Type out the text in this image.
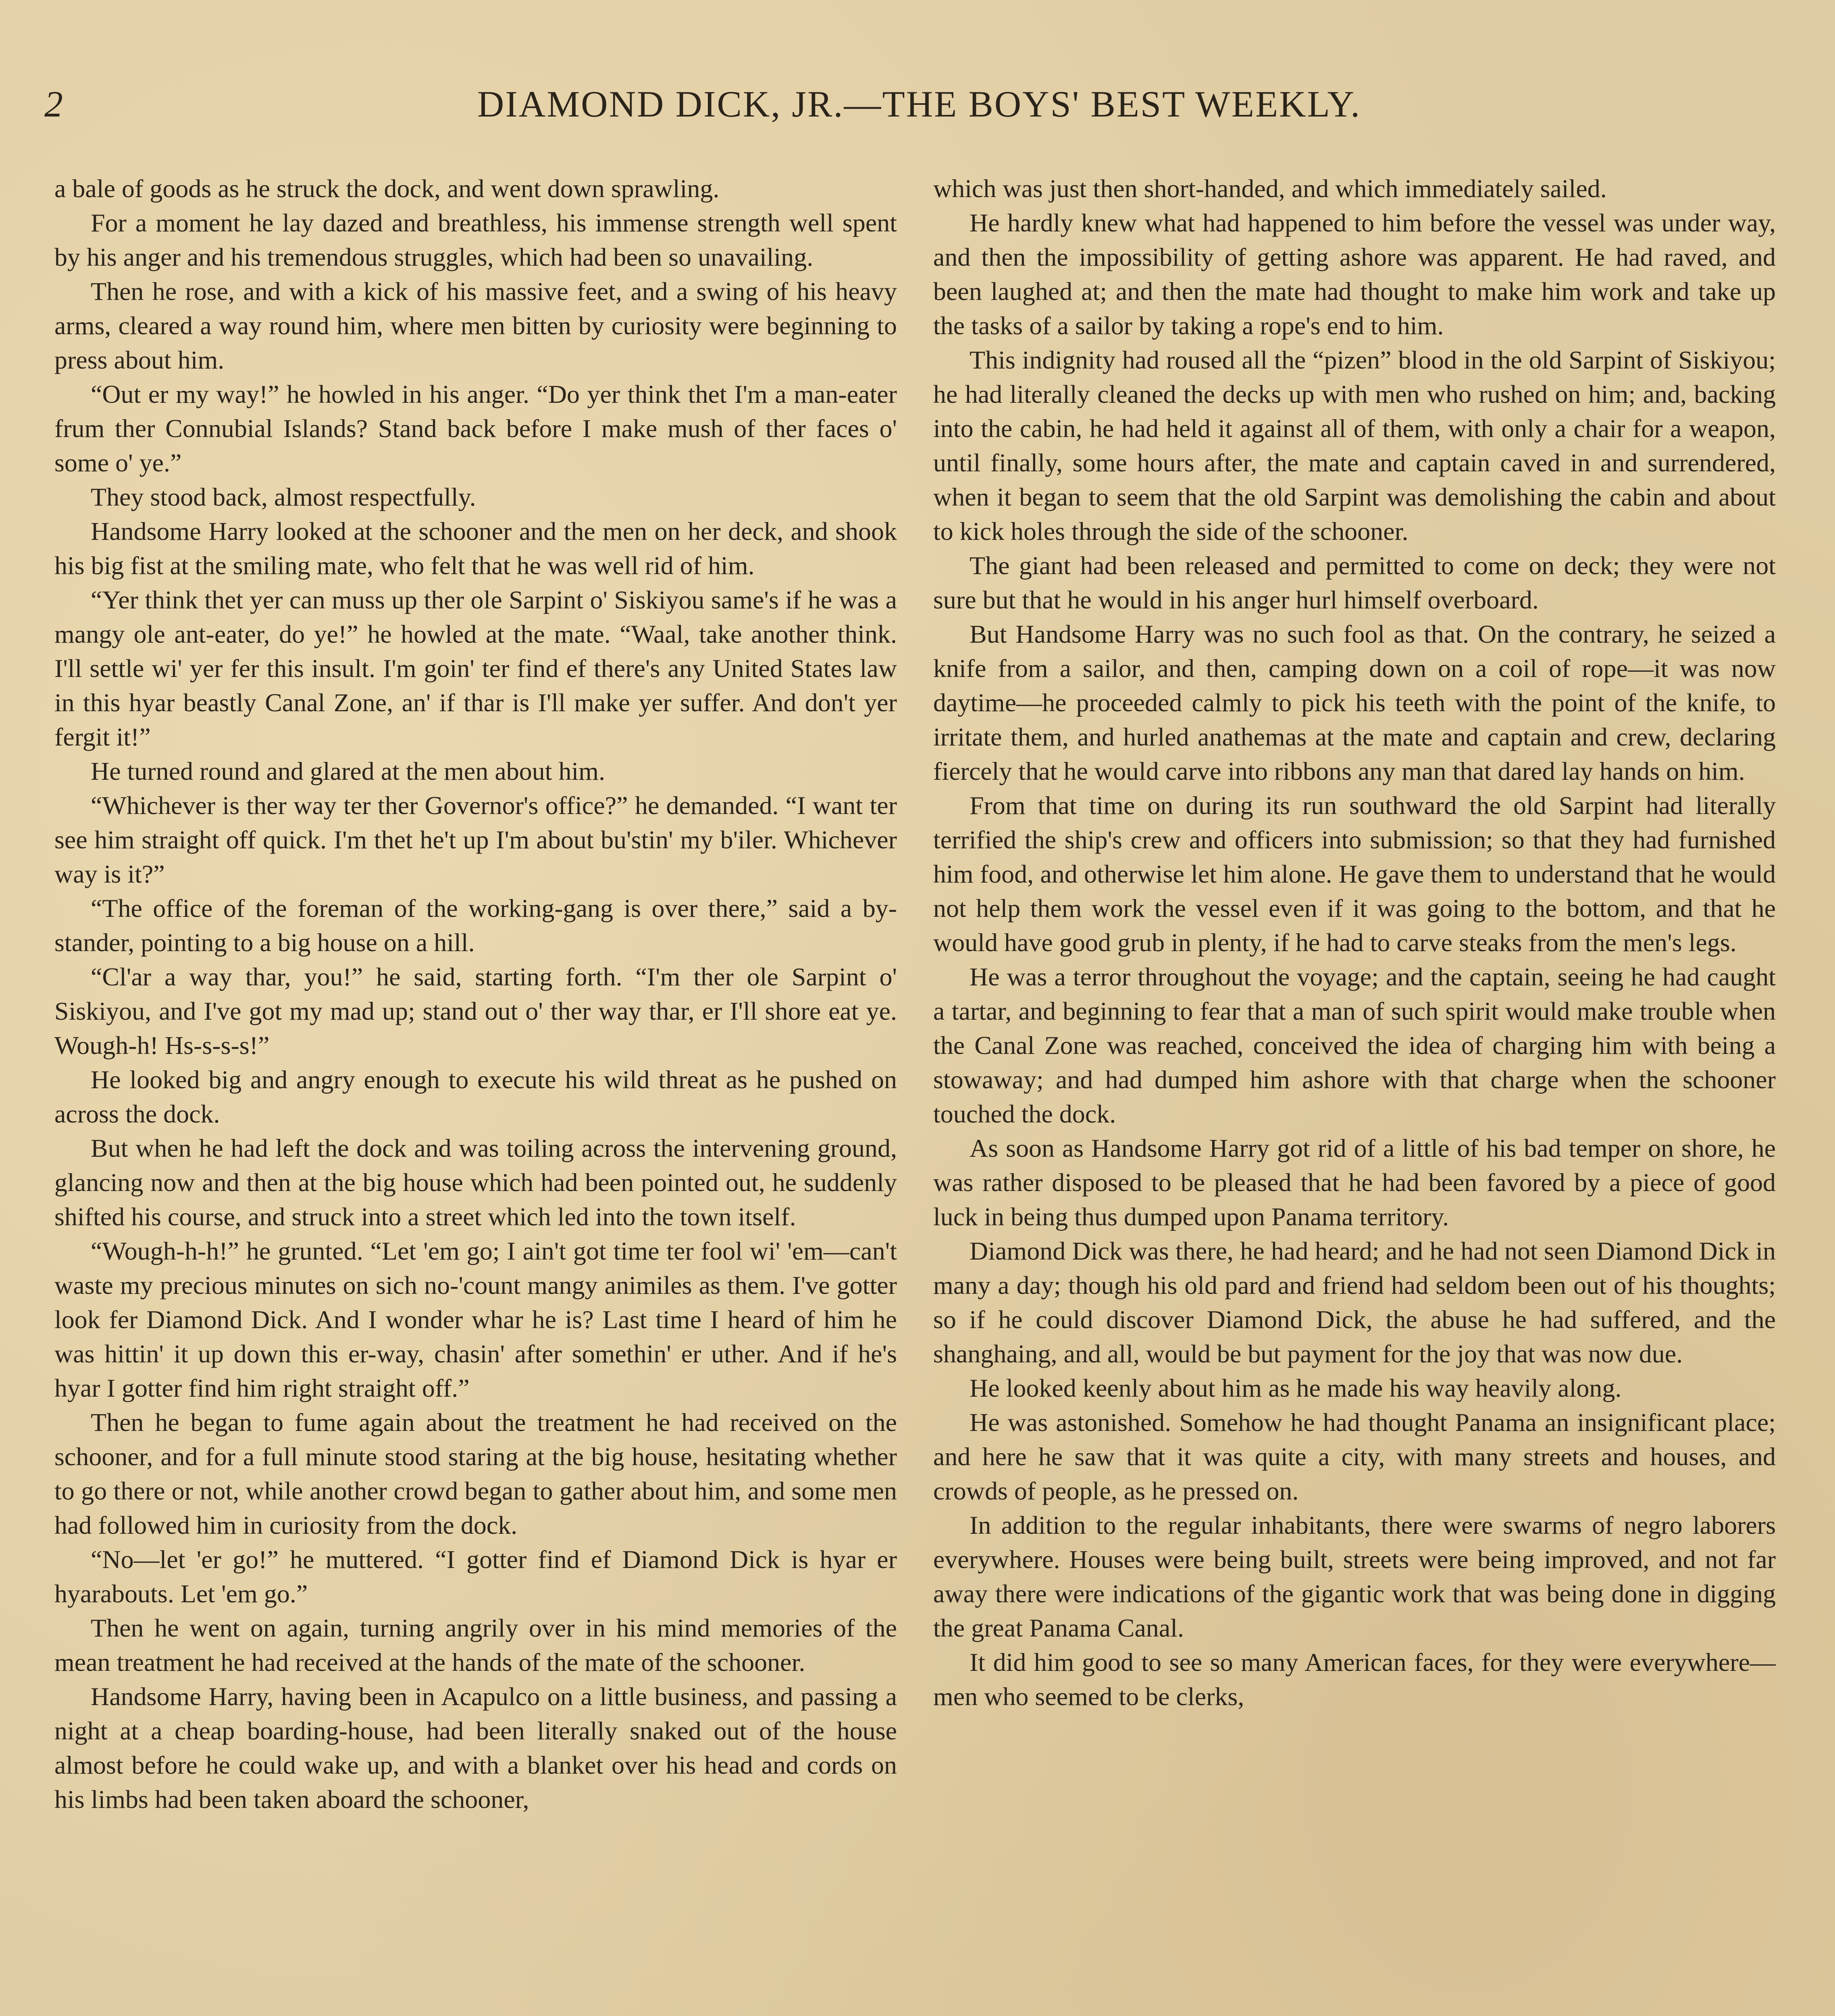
2	DIAMOND DICK, JR.—THE BOYS' BEST WEEKLY.

a bale of goods as he struck the dock, and went down sprawling.

For a moment he lay dazed and breathless, his immense strength well spent by his anger and his tremendous struggles, which had been so unavailing.

Then he rose, and with a kick of his massive feet, and a swing of his heavy arms, cleared a way round him, where men bitten by curiosity were beginning to press about him.

“Out er my way!” he howled in his anger. “Do yer think thet I'm a man-eater frum ther Connubial Islands? Stand back before I make mush of ther faces o' some o' ye.”

They stood back, almost respectfully.

Handsome Harry looked at the schooner and the men on her deck, and shook his big fist at the smiling mate, who felt that he was well rid of him.

“Yer think thet yer can muss up ther ole Sarpint o' Siskiyou same's if he was a mangy ole ant-eater, do ye!” he howled at the mate. “Waal, take another think. I'll settle wi' yer fer this insult. I'm goin' ter find ef there's any United States law in this hyar beastly Canal Zone, an' if thar is I'll make yer suffer. And don't yer fergit it!”

He turned round and glared at the men about him.

“Whichever is ther way ter ther Governor's office?” he demanded. “I want ter see him straight off quick. I'm thet he't up I'm about bu'stin' my b'iler. Whichever way is it?”

“The office of the foreman of the working-gang is over there,” said a by-stander, pointing to a big house on a hill.

“Cl'ar a way thar, you!” he said, starting forth. “I'm ther ole Sarpint o' Siskiyou, and I've got my mad up; stand out o' ther way thar, er I'll shore eat ye. Wough-h! Hs-s-s-s!”

He looked big and angry enough to execute his wild threat as he pushed on across the dock.

But when he had left the dock and was toiling across the intervening ground, glancing now and then at the big house which had been pointed out, he suddenly shifted his course, and struck into a street which led into the town itself.

“Wough-h-h!” he grunted. “Let 'em go; I ain't got time ter fool wi' 'em—can't waste my precious minutes on sich no-'count mangy animiles as them. I've gotter look fer Diamond Dick. And I wonder whar he is? Last time I heard of him he was hittin' it up down this er-way, chasin' after somethin' er uther. And if he's hyar I gotter find him right straight off.”

Then he began to fume again about the treatment he had received on the schooner, and for a full minute stood staring at the big house, hesitating whether to go there or not, while another crowd began to gather about him, and some men had followed him in curiosity from the dock.

“No—let 'er go!” he muttered. “I gotter find ef Diamond Dick is hyar er hyarabouts. Let 'em go.”

Then he went on again, turning angrily over in his mind memories of the mean treatment he had received at the hands of the mate of the schooner.

Handsome Harry, having been in Acapulco on a little business, and passing a night at a cheap boarding-house, had been literally snaked out of the house almost before he could wake up, and with a blanket over his head and cords on his limbs had been taken aboard the schooner,

which was just then short-handed, and which immediately sailed.

He hardly knew what had happened to him before the vessel was under way, and then the impossibility of getting ashore was apparent. He had raved, and been laughed at; and then the mate had thought to make him work and take up the tasks of a sailor by taking a rope's end to him.

This indignity had roused all the “pizen” blood in the old Sarpint of Siskiyou; he had literally cleaned the decks up with men who rushed on him; and, backing into the cabin, he had held it against all of them, with only a chair for a weapon, until finally, some hours after, the mate and captain caved in and surrendered, when it began to seem that the old Sarpint was demolishing the cabin and about to kick holes through the side of the schooner.

The giant had been released and permitted to come on deck; they were not sure but that he would in his anger hurl himself overboard.

But Handsome Harry was no such fool as that. On the contrary, he seized a knife from a sailor, and then, camping down on a coil of rope—it was now daytime—he proceeded calmly to pick his teeth with the point of the knife, to irritate them, and hurled anathemas at the mate and captain and crew, declaring fiercely that he would carve into ribbons any man that dared lay hands on him.

From that time on during its run southward the old Sarpint had literally terrified the ship's crew and officers into submission; so that they had furnished him food, and otherwise let him alone. He gave them to understand that he would not help them work the vessel even if it was going to the bottom, and that he would have good grub in plenty, if he had to carve steaks from the men's legs.

He was a terror throughout the voyage; and the captain, seeing he had caught a tartar, and beginning to fear that a man of such spirit would make trouble when the Canal Zone was reached, conceived the idea of charging him with being a stowaway; and had dumped him ashore with that charge when the schooner touched the dock.

As soon as Handsome Harry got rid of a little of his bad temper on shore, he was rather disposed to be pleased that he had been favored by a piece of good luck in being thus dumped upon Panama territory.

Diamond Dick was there, he had heard; and he had not seen Diamond Dick in many a day; though his old pard and friend had seldom been out of his thoughts; so if he could discover Diamond Dick, the abuse he had suffered, and the shanghaing, and all, would be but payment for the joy that was now due.

He looked keenly about him as he made his way heavily along.

He was astonished. Somehow he had thought Panama an insignificant place; and here he saw that it was quite a city, with many streets and houses, and crowds of people, as he pressed on.

In addition to the regular inhabitants, there were swarms of negro laborers everywhere. Houses were being built, streets were being improved, and not far away there were indications of the gigantic work that was being done in digging the great Panama Canal.

It did him good to see so many American faces, for they were everywhere—men who seemed to be clerks,
